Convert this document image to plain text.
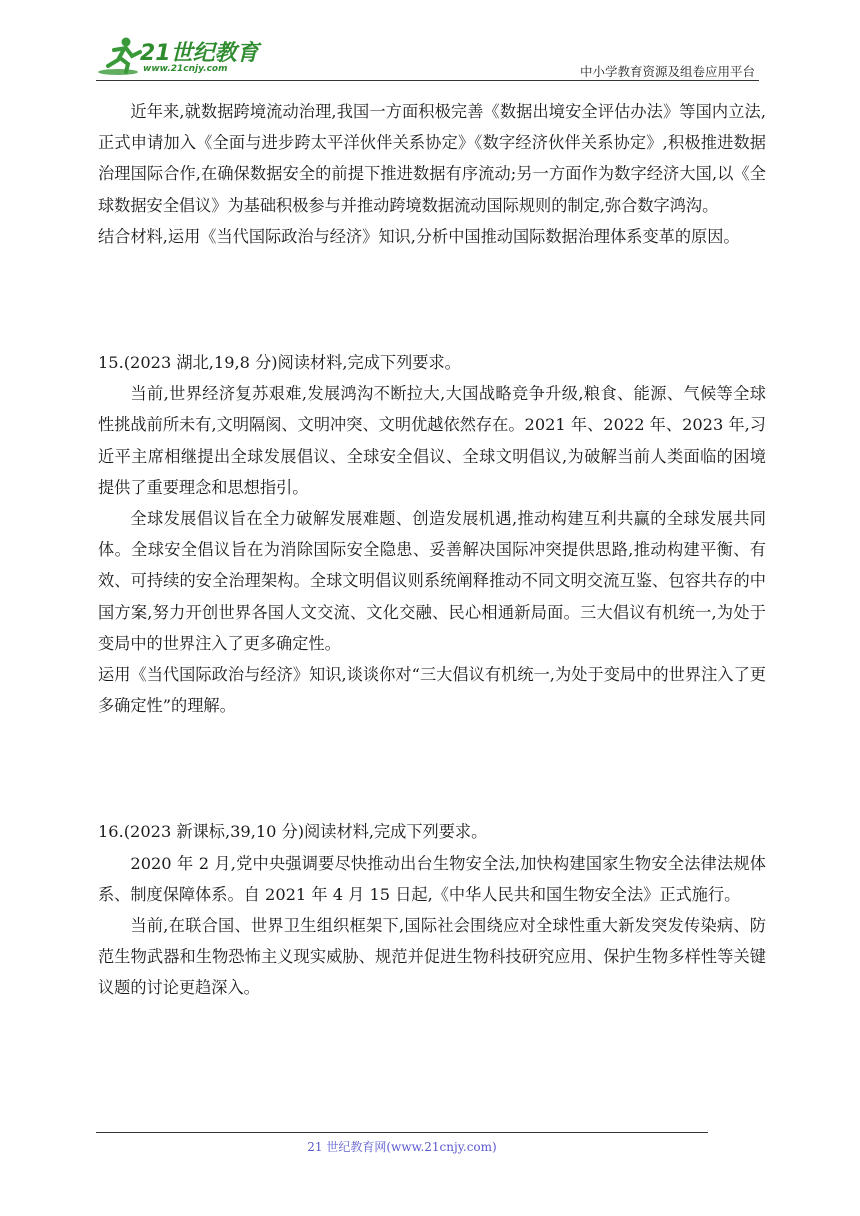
21世纪教育
www.21cnjy.com	中小学教育资源及组卷应用平台

近年来,就数据跨境流动治理,我国一方面积极完善《数据出境安全评估办法》等国内立法,正式申请加入《全面与进步跨太平洋伙伴关系协定》《数字经济伙伴关系协定》,积极推进数据治理国际合作,在确保数据安全的前提下推进数据有序流动;另一方面作为数字经济大国,以《全球数据安全倡议》为基础积极参与并推动跨境数据流动国际规则的制定,弥合数字鸿沟。

结合材料,运用《当代国际政治与经济》知识,分析中国推动国际数据治理体系变革的原因。

15.(2023 湖北,19,8 分)阅读材料,完成下列要求。

当前,世界经济复苏艰难,发展鸿沟不断拉大,大国战略竞争升级,粮食、能源、气候等全球性挑战前所未有,文明隔阂、文明冲突、文明优越依然存在。2021 年、2022 年、2023 年,习近平主席相继提出全球发展倡议、全球安全倡议、全球文明倡议,为破解当前人类面临的困境提供了重要理念和思想指引。

全球发展倡议旨在全力破解发展难题、创造发展机遇,推动构建互利共赢的全球发展共同体。全球安全倡议旨在为消除国际安全隐患、妥善解决国际冲突提供思路,推动构建平衡、有效、可持续的安全治理架构。全球文明倡议则系统阐释推动不同文明交流互鉴、包容共存的中国方案,努力开创世界各国人文交流、文化交融、民心相通新局面。三大倡议有机统一,为处于变局中的世界注入了更多确定性。

运用《当代国际政治与经济》知识,谈谈你对“三大倡议有机统一,为处于变局中的世界注入了更多确定性”的理解。

16.(2023 新课标,39,10 分)阅读材料,完成下列要求。

2020 年 2 月,党中央强调要尽快推动出台生物安全法,加快构建国家生物安全法律法规体系、制度保障体系。自 2021 年 4 月 15 日起,《中华人民共和国生物安全法》正式施行。

当前,在联合国、世界卫生组织框架下,国际社会围绕应对全球性重大新发突发传染病、防范生物武器和生物恐怖主义现实威胁、规范并促进生物科技研究应用、保护生物多样性等关键议题的讨论更趋深入。

21 世纪教育网(www.21cnjy.com)
